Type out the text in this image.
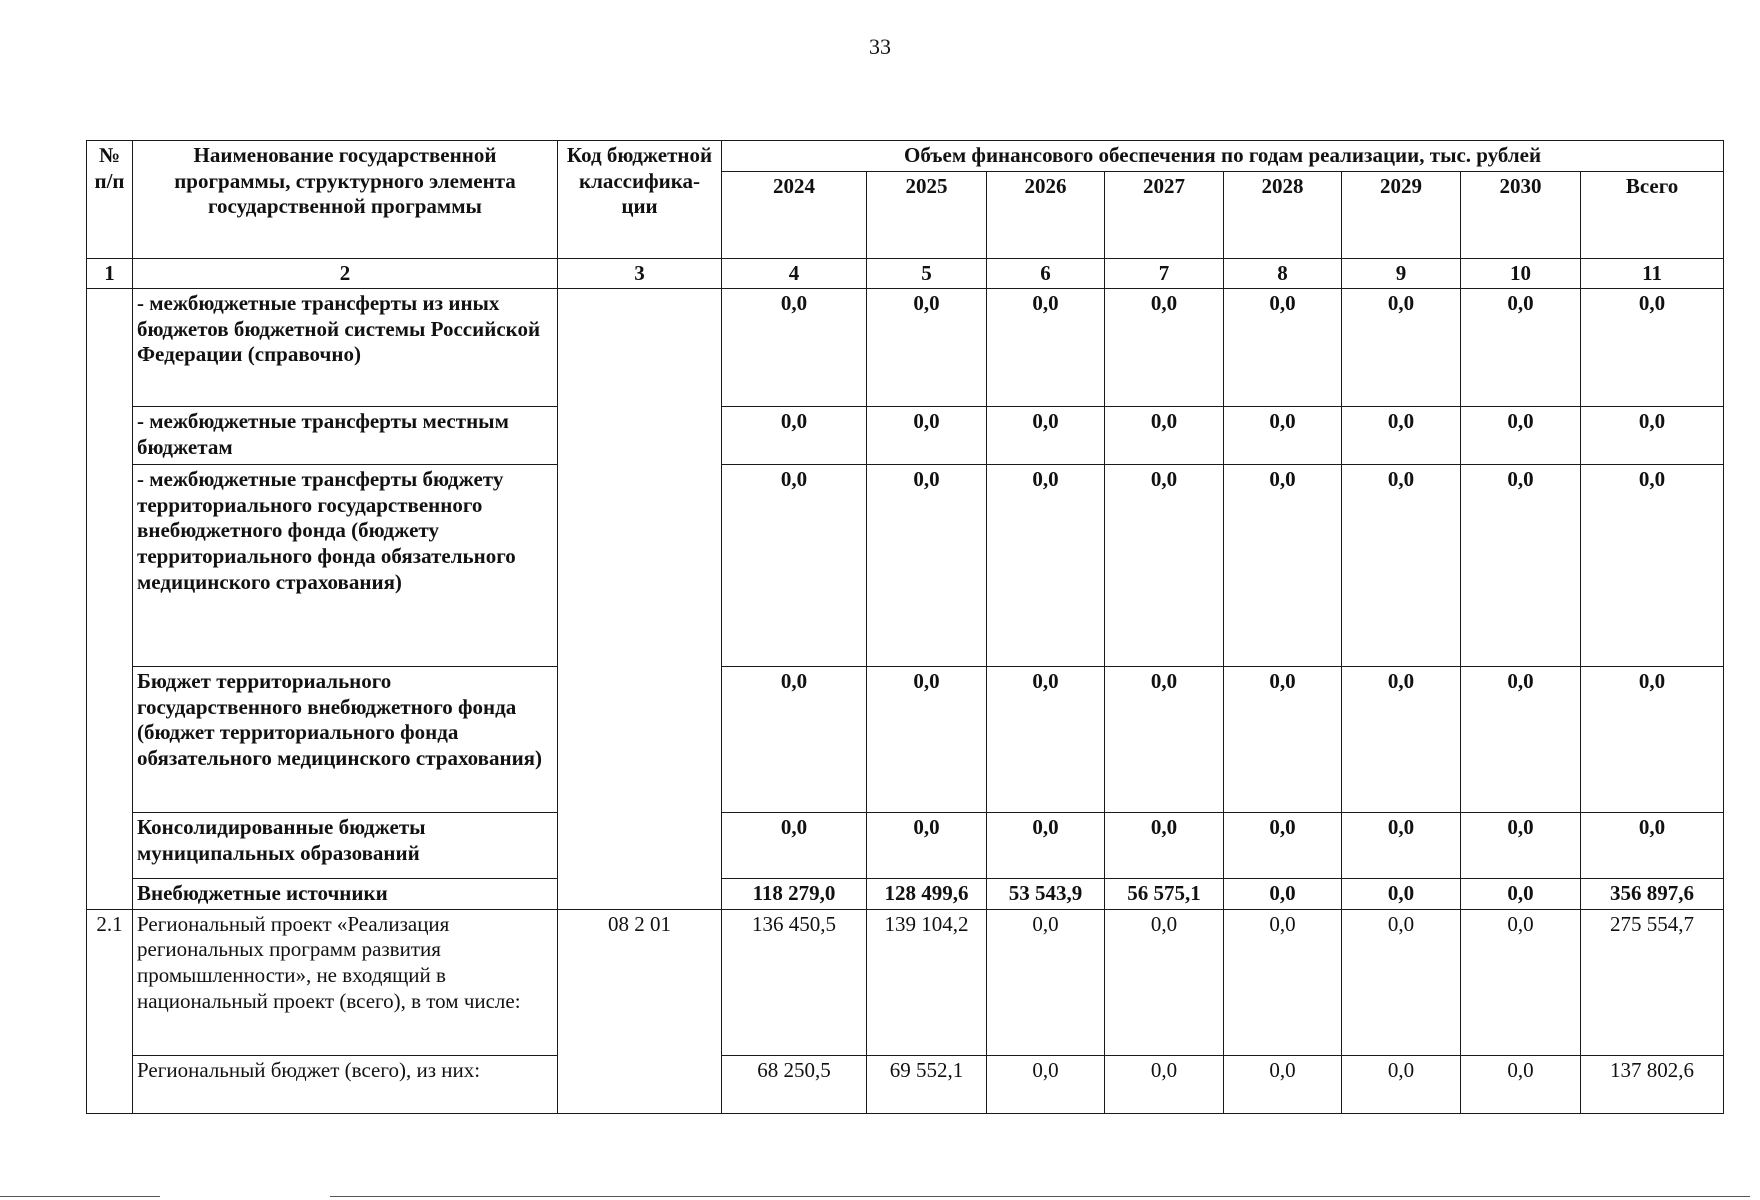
33
№ п/п	Наименование государственной программы, структурного элемента государственной программы	Код бюджетной классифика-ции	Объем финансового обеспечения по годам реализации, тыс. рублей							
			2024	2025	2026	2027	2028	2029	2030	Всего
1	2	3	4	5	6	7	8	9	10	11
	- межбюджетные трансферты из иных бюджетов бюджетной системы Российской Федерации (справочно)		0,0	0,0	0,0	0,0	0,0	0,0	0,0	0,0
	- межбюджетные трансферты местным бюджетам		0,0	0,0	0,0	0,0	0,0	0,0	0,0	0,0
	- межбюджетные трансферты бюджету территориального государственного внебюджетного фонда (бюджету территориального фонда обязательного медицинского страхования)		0,0	0,0	0,0	0,0	0,0	0,0	0,0	0,0
	Бюджет территориального государственного внебюджетного фонда (бюджет территориального фонда обязательного медицинского страхования)		0,0	0,0	0,0	0,0	0,0	0,0	0,0	0,0
	Консолидированные бюджеты муниципальных образований		0,0	0,0	0,0	0,0	0,0	0,0	0,0	0,0
	Внебюджетные источники		118 279,0	128 499,6	53 543,9	56 575,1	0,0	0,0	0,0	356 897,6
2.1	Региональный проект «Реализация региональных программ развития промышленности», не входящий в национальный проект (всего), в том числе:	08 2 01	136 450,5	139 104,2	0,0	0,0	0,0	0,0	0,0	275 554,7
	Региональный бюджет (всего), из них:		68 250,5	69 552,1	0,0	0,0	0,0	0,0	0,0	137 802,6
